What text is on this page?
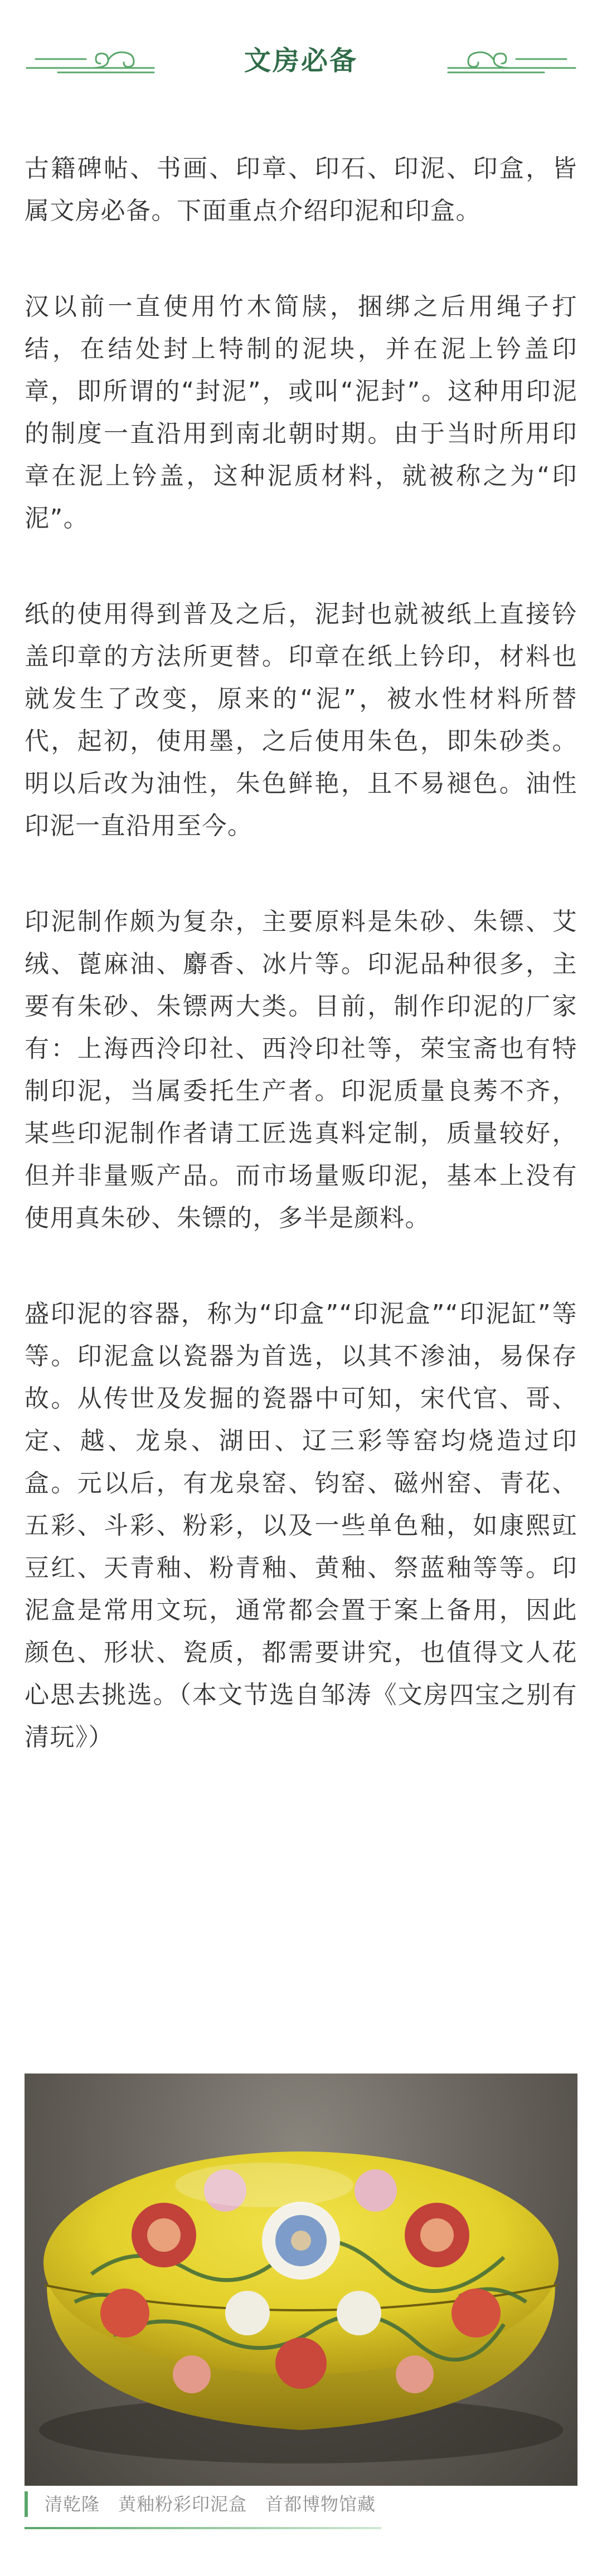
文房必备

古籍碑帖、书画、印章、印石、印泥、印盒，皆属文房必备。下面重点介绍印泥和印盒。

汉以前一直使用竹木简牍，捆绑之后用绳子打结，在结处封上特制的泥块，并在泥上钤盖印章，即所谓的“封泥”，或叫“泥封”。这种用印泥的制度一直沿用到南北朝时期。由于当时所用印章在泥上钤盖，这种泥质材料，就被称之为“印泥”。

纸的使用得到普及之后，泥封也就被纸上直接钤盖印章的方法所更替。印章在纸上钤印，材料也就发生了改变，原来的“泥”，被水性材料所替代，起初，使用墨，之后使用朱色，即朱砂类。明以后改为油性，朱色鲜艳，且不易褪色。油性印泥一直沿用至今。

印泥制作颇为复杂，主要原料是朱砂、朱镖、艾绒、蓖麻油、麝香、冰片等。印泥品种很多，主要有朱砂、朱镖两大类。目前，制作印泥的厂家有：上海西泠印社、西泠印社等，荣宝斋也有特制印泥，当属委托生产者。印泥质量良莠不齐，某些印泥制作者请工匠选真料定制，质量较好，但并非量贩产品。而市场量贩印泥，基本上没有使用真朱砂、朱镖的，多半是颜料。

盛印泥的容器，称为“印盒”“印泥盒”“印泥缸”等等。印泥盒以瓷器为首选，以其不渗油，易保存故。从传世及发掘的瓷器中可知，宋代官、哥、定、越、龙泉、湖田、辽三彩等窑均烧造过印盒。元以后，有龙泉窑、钧窑、磁州窑、青花、五彩、斗彩、粉彩，以及一些单色釉，如康熙豇豆红、天青釉、粉青釉、黄釉、祭蓝釉等等。印泥盒是常用文玩，通常都会置于案上备用，因此颜色、形状、瓷质，都需要讲究，也值得文人花心思去挑选。（本文节选自邹涛《文房四宝之别有清玩》）

清乾隆　黄釉粉彩印泥盒　首都博物馆藏
